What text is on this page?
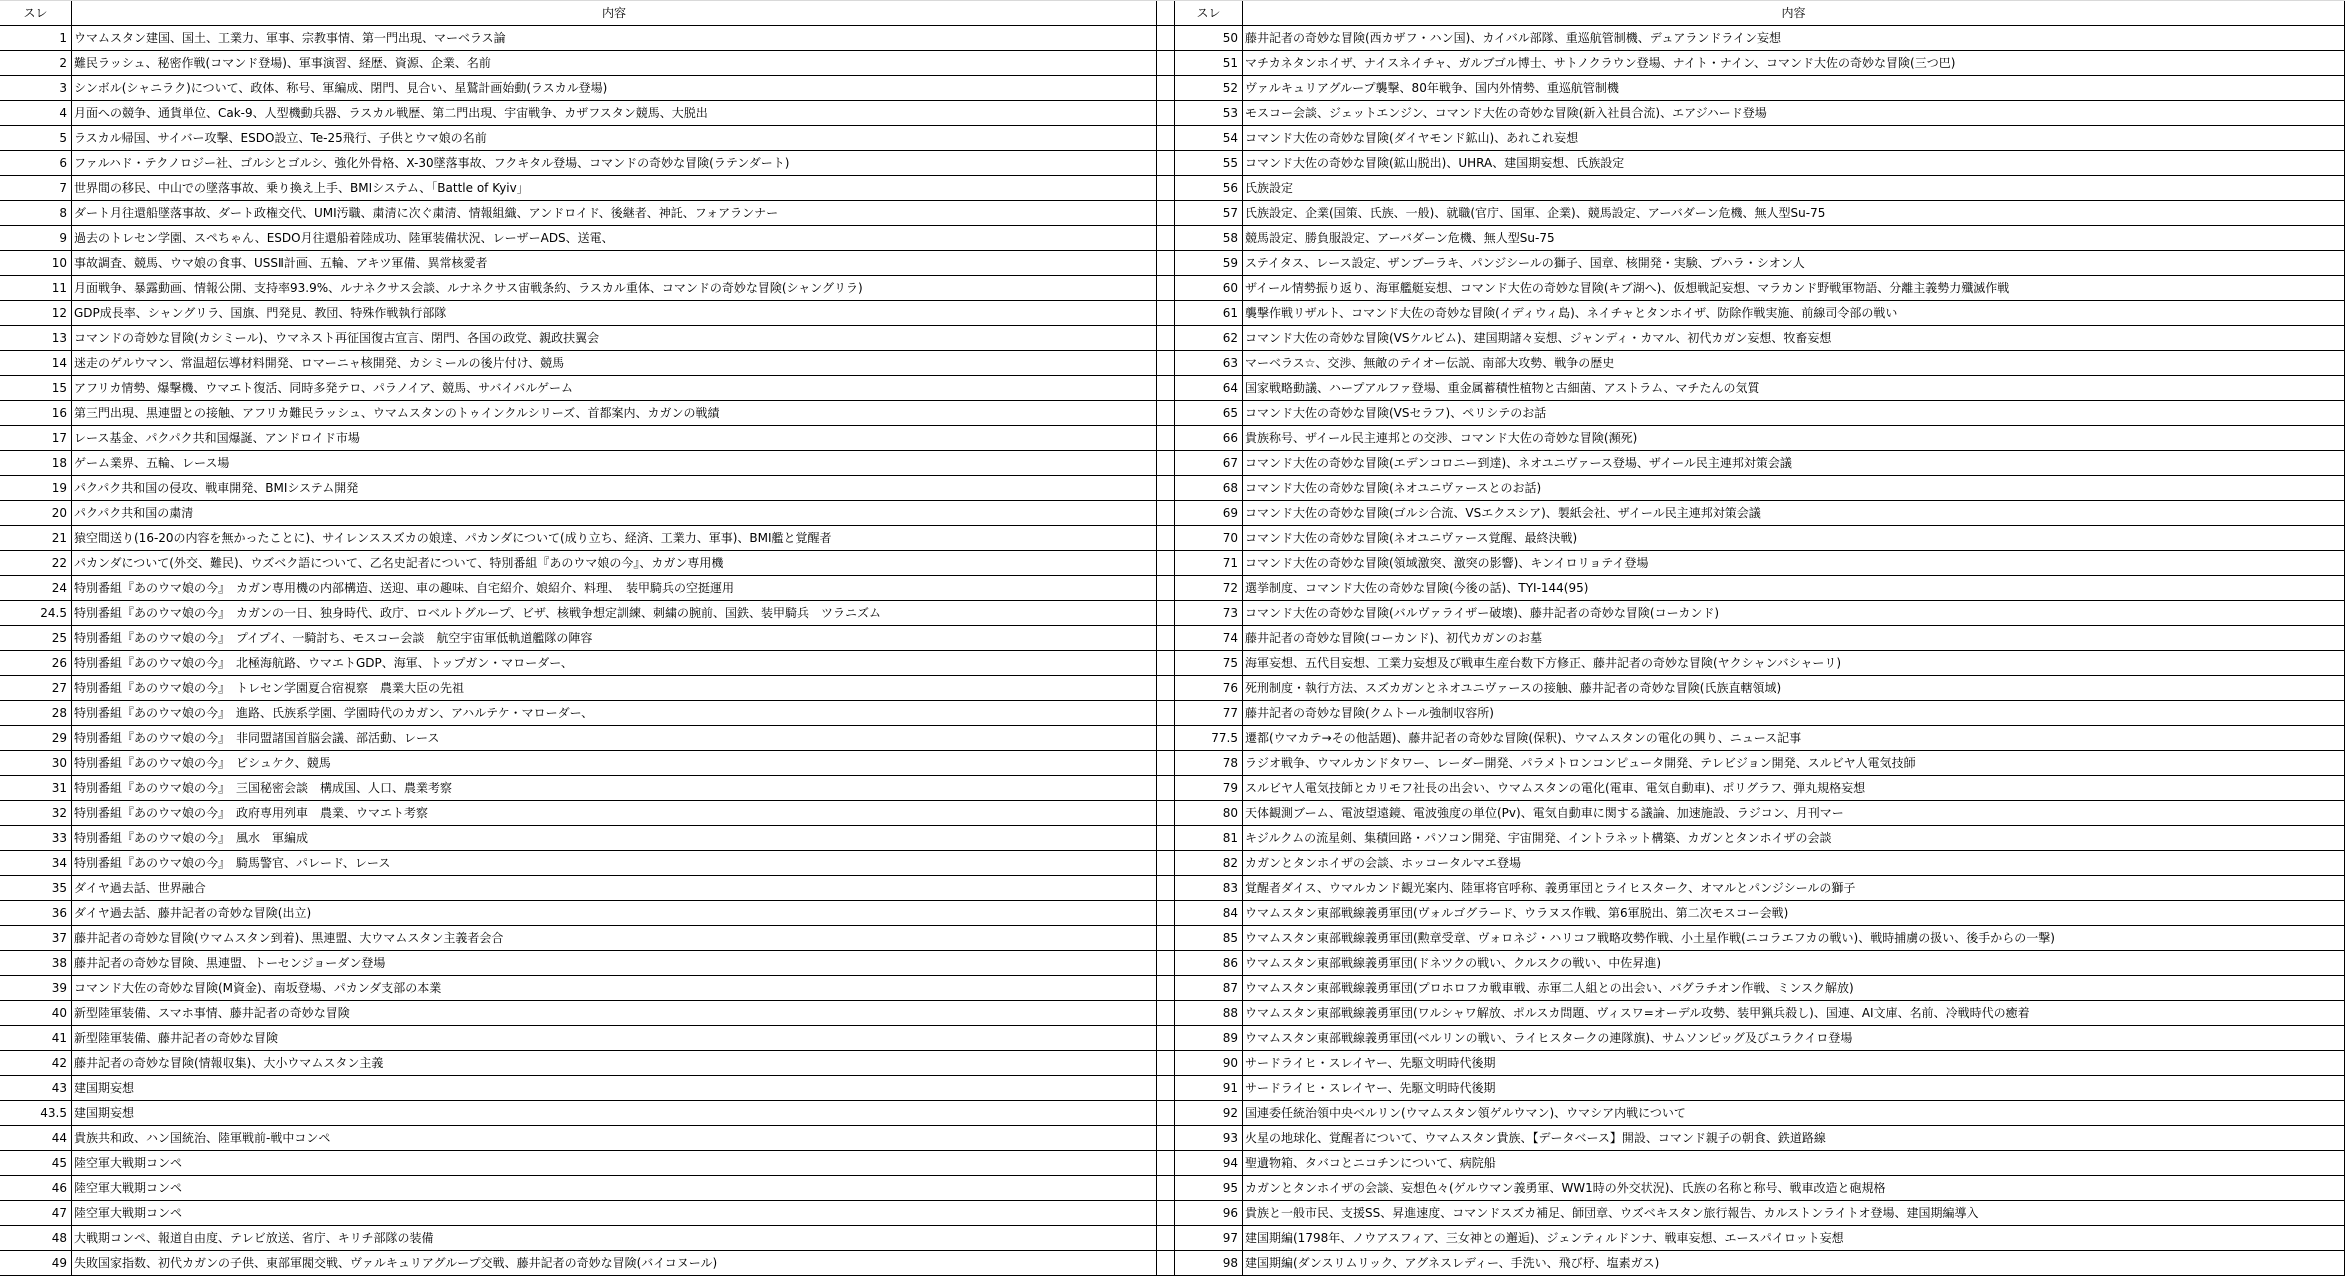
スレ	内容	スレ	内容
1 ウマムスタン建国、国土、工業力、軍事、宗教事情、第一門出現、マーベラス論	50 藤井記者の奇妙な冒険(西カザフ・ハン国)、カイバル部隊、重巡航管制機、デュアランドライン妄想
2 難民ラッシュ、秘密作戦(コマンド登場)、軍事演習、経歴、資源、企業、名前	51 マチカネタンホイザ、ナイスネイチャ、ガルブゴル博士、サトノクラウン登場、ナイト・ナイン、コマンド大佐の奇妙な冒険(三つ巴)
3 シンボル(シャニラク)について、政体、称号、軍編成、閉門、見合い、星鷲計画始動(ラスカル登場)	52 ヴァルキュリアグループ襲撃、80年戦争、国内外情勢、重巡航管制機
4 月面への競争、通貨単位、Cak-9、人型機動兵器、ラスカル戦歴、第二門出現、宇宙戦争、カザフスタン競馬、大脱出	53 モスコー会談、ジェットエンジン、コマンド大佐の奇妙な冒険(新入社員合流)、エアジハード登場
5 ラスカル帰国、サイバー攻撃、ESDO設立、Te-25飛行、子供とウマ娘の名前	54 コマンド大佐の奇妙な冒険(ダイヤモンド鉱山)、あれこれ妄想
6 ファルハド・テクノロジー社、ゴルシとゴルシ、強化外骨格、X-30墜落事故、フクキタル登場、コマンドの奇妙な冒険(ラテンダート)	55 コマンド大佐の奇妙な冒険(鉱山脱出)、UHRA、建国期妄想、氏族設定
7 世界間の移民、中山での墜落事故、乗り換え上手、BMIシステム、「Battle of Kyiv」	56 氏族設定
8 ダート月往還船墜落事故、ダート政権交代、UMI汚職、粛清に次ぐ粛清、情報組織、アンドロイド、後継者、神託、フォアランナー	57 氏族設定、企業(国策、氏族、一般)、就職(官庁、国軍、企業)、競馬設定、アーバダーン危機、無人型Su-75
9 過去のトレセン学園、スペちゃん、ESDO月往還船着陸成功、陸軍装備状況、レーザーADS、送電、	58 競馬設定、勝負服設定、アーバダーン危機、無人型Su-75
10 事故調査、競馬、ウマ娘の食事、USSⅡ計画、五輪、アキツ軍備、異常核愛者	59 ステイタス、レース設定、ザンブーラキ、パンジシールの獅子、国章、核開発・実験、プハラ・シオン人
11 月面戦争、暴露動画、情報公開、支持率93.9%、ルナネクサス会談、ルナネクサス宙戦条約、ラスカル重体、コマンドの奇妙な冒険(シャングリラ)	60 ザイール情勢振り返り、海軍艦艇妄想、コマンド大佐の奇妙な冒険(キブ湖へ)、仮想戦記妄想、マラカンド野戦軍物語、分離主義勢力殲滅作戦
12 GDP成長率、シャングリラ、国旗、門発見、教団、特殊作戦執行部隊	61 襲撃作戦リザルト、コマンド大佐の奇妙な冒険(イディウィ島)、ネイチャとタンホイザ、防除作戦実施、前線司令部の戦い
13 コマンドの奇妙な冒険(カシミール)、ウマネスト再征国復古宣言、閉門、各国の政党、親政扶翼会	62 コマンド大佐の奇妙な冒険(VSケルビム)、建国期諸々妄想、ジャンディ・カマル、初代カガン妄想、牧畜妄想
14 迷走のゲルウマン、常温超伝導材料開発、ロマーニャ核開発、カシミールの後片付け、競馬	63 マーベラス☆、交渉、無敵のテイオー伝説、南部大攻勢、戦争の歴史
15 アフリカ情勢、爆撃機、ウマエト復活、同時多発テロ、パラノイア、競馬、サバイバルゲーム	64 国家戦略動議、ハープアルファ登場、重金属蓄積性植物と古細菌、アストラム、マチたんの気質
16 第三門出現、黒連盟との接触、アフリカ難民ラッシュ、ウマムスタンのトゥインクルシリーズ、首都案内、カガンの戦績	65 コマンド大佐の奇妙な冒険(VSセラフ)、ペリシテのお話
17 レース基金、パクパク共和国爆誕、アンドロイド市場	66 貴族称号、ザイール民主連邦との交渉、コマンド大佐の奇妙な冒険(瀕死)
18 ゲーム業界、五輪、レース場	67 コマンド大佐の奇妙な冒険(エデンコロニー到達)、ネオユニヴァース登場、ザイール民主連邦対策会議
19 パクパク共和国の侵攻、戦車開発、BMIシステム開発	68 コマンド大佐の奇妙な冒険(ネオユニヴァースとのお話)
20 パクパク共和国の粛清	69 コマンド大佐の奇妙な冒険(ゴルシ合流、VSエクスシア)、製紙会社、ザイール民主連邦対策会議
21 猿空間送り(16-20の内容を無かったことに)、サイレンススズカの娘達、パカンダについて(成り立ち、経済、工業力、軍事)、BMI艦と覚醒者	70 コマンド大佐の奇妙な冒険(ネオユニヴァース覚醒、最終決戦)
22 パカンダについて(外交、難民)、ウズベク語について、乙名史記者について、特別番組『あのウマ娘の今』、カガン専用機	71 コマンド大佐の奇妙な冒険(領域激突、激突の影響)、キンイロリョテイ登場
24 特別番組『あのウマ娘の今』　カガン専用機の内部構造、送迎、車の趣味、自宅紹介、娘紹介、料理、　装甲騎兵の空挺運用	72 選挙制度、コマンド大佐の奇妙な冒険(今後の話)、TYI-144(95)
24.5 特別番組『あのウマ娘の今』　カガンの一日、独身時代、政庁、ロベルトグループ、ビザ、核戦争想定訓練、刺繍の腕前、国鉄、装甲騎兵　ツラニズム	73 コマンド大佐の奇妙な冒険(バルヴァライザー破壊)、藤井記者の奇妙な冒険(コーカンド)
25 特別番組『あのウマ娘の今』　プイプイ、一騎討ち、モスコー会談　航空宇宙軍低軌道艦隊の陣容	74 藤井記者の奇妙な冒険(コーカンド)、初代カガンのお墓
26 特別番組『あのウマ娘の今』　北極海航路、ウマエトGDP、海軍、トップガン・マローダー、	75 海軍妄想、五代目妄想、工業力妄想及び戦車生産台数下方修正、藤井記者の奇妙な冒険(ヤクシャンバシャーリ)
27 特別番組『あのウマ娘の今』　トレセン学園夏合宿視察　農業大臣の先祖	76 死刑制度・執行方法、スズカガンとネオユニヴァースの接触、藤井記者の奇妙な冒険(氏族直轄領域)
28 特別番組『あのウマ娘の今』　進路、氏族系学園、学園時代のカガン、アハルテケ・マローダー、	77 藤井記者の奇妙な冒険(クムトール強制収容所)
29 特別番組『あのウマ娘の今』　非同盟諸国首脳会議、部活動、レース	77.5 遷都(ウマカテ→その他話題)、藤井記者の奇妙な冒険(保釈)、ウマムスタンの電化の興り、ニュース記事
30 特別番組『あのウマ娘の今』　ビシュケク、競馬	78 ラジオ戦争、ウマルカンドタワー、レーダー開発、パラメトロンコンピュータ開発、テレビジョン開発、スルビヤ人電気技師
31 特別番組『あのウマ娘の今』　三国秘密会談　構成国、人口、農業考察	79 スルビヤ人電気技師とカリモフ社長の出会い、ウマムスタンの電化(電車、電気自動車)、ポリグラフ、弾丸規格妄想
32 特別番組『あのウマ娘の今』　政府専用列車　農業、ウマエト考察	80 天体観測ブーム、電波望遠鏡、電波強度の単位(Pv)、電気自動車に関する議論、加速施設、ラジコン、月刊マー
33 特別番組『あのウマ娘の今』　風水　軍編成	81 キジルクムの流星剣、集積回路・パソコン開発、宇宙開発、イントラネット構築、カガンとタンホイザの会談
34 特別番組『あのウマ娘の今』　騎馬警官、パレード、レース	82 カガンとタンホイザの会談、ホッコータルマエ登場
35 ダイヤ過去話、世界融合	83 覚醒者ダイス、ウマルカンド観光案内、陸軍将官呼称、義勇軍団とライヒスターク、オマルとパンジシールの獅子
36 ダイヤ過去話、藤井記者の奇妙な冒険(出立)	84 ウマムスタン東部戦線義勇軍団(ヴォルゴグラード、ウラヌス作戦、第6軍脱出、第二次モスコー会戦)
37 藤井記者の奇妙な冒険(ウマムスタン到着)、黒連盟、大ウマムスタン主義者会合	85 ウマムスタン東部戦線義勇軍団(勲章受章、ヴォロネジ・ハリコフ戦略攻勢作戦、小土星作戦(ニコラエフカの戦い)、戦時捕虜の扱い、後手からの一撃)
38 藤井記者の奇妙な冒険、黒連盟、トーセンジョーダン登場	86 ウマムスタン東部戦線義勇軍団(ドネツクの戦い、クルスクの戦い、中佐昇進)
39 コマンド大佐の奇妙な冒険(M資金)、南坂登場、パカンダ支部の本業	87 ウマムスタン東部戦線義勇軍団(プロホロフカ戦車戦、赤軍二人組との出会い、バグラチオン作戦、ミンスク解放)
40 新型陸軍装備、スマホ事情、藤井記者の奇妙な冒険	88 ウマムスタン東部戦線義勇軍団(ワルシャワ解放、ポルスカ問題、ヴィスワ=オーデル攻勢、装甲猟兵殺し)、国連、AI文庫、名前、冷戦時代の癒着
41 新型陸軍装備、藤井記者の奇妙な冒険	89 ウマムスタン東部戦線義勇軍団(ベルリンの戦い、ライヒスタークの連隊旗)、サムソンビッグ及びユラクイロ登場
42 藤井記者の奇妙な冒険(情報収集)、大小ウマムスタン主義	90 サードライヒ・スレイヤー、先駆文明時代後期
43 建国期妄想	91 サードライヒ・スレイヤー、先駆文明時代後期
43.5 建国期妄想	92 国連委任統治領中央ベルリン(ウマムスタン領ゲルウマン)、ウマシア内戦について
44 貴族共和政、ハン国統治、陸軍戦前-戦中コンペ	93 火星の地球化、覚醒者について、ウマムスタン貴族、【データベース】開設、コマンド親子の朝食、鉄道路線
45 陸空軍大戦期コンペ	94 聖遺物箱、タバコとニコチンについて、病院船
46 陸空軍大戦期コンペ	95 カガンとタンホイザの会談、妄想色々(ゲルウマン義勇軍、WW1時の外交状況)、氏族の名称と称号、戦車改造と砲規格
47 陸空軍大戦期コンペ	96 貴族と一般市民、支援SS、昇進速度、コマンドスズカ補足、師団章、ウズベキスタン旅行報告、カルストンライトオ登場、建国期編導入
48 大戦期コンペ、報道自由度、テレビ放送、省庁、キリチ部隊の装備	97 建国期編(1798年、ノウアスフィア、三女神との邂逅)、ジェンティルドンナ、戦車妄想、エースパイロット妄想
49 失敗国家指数、初代カガンの子供、東部軍閥交戦、ヴァルキュリアグループ交戦、藤井記者の奇妙な冒険(バイコヌール)	98 建国期編(ダンスリムリック、アグネスレディー、手洗い、飛び杼、塩素ガス)
